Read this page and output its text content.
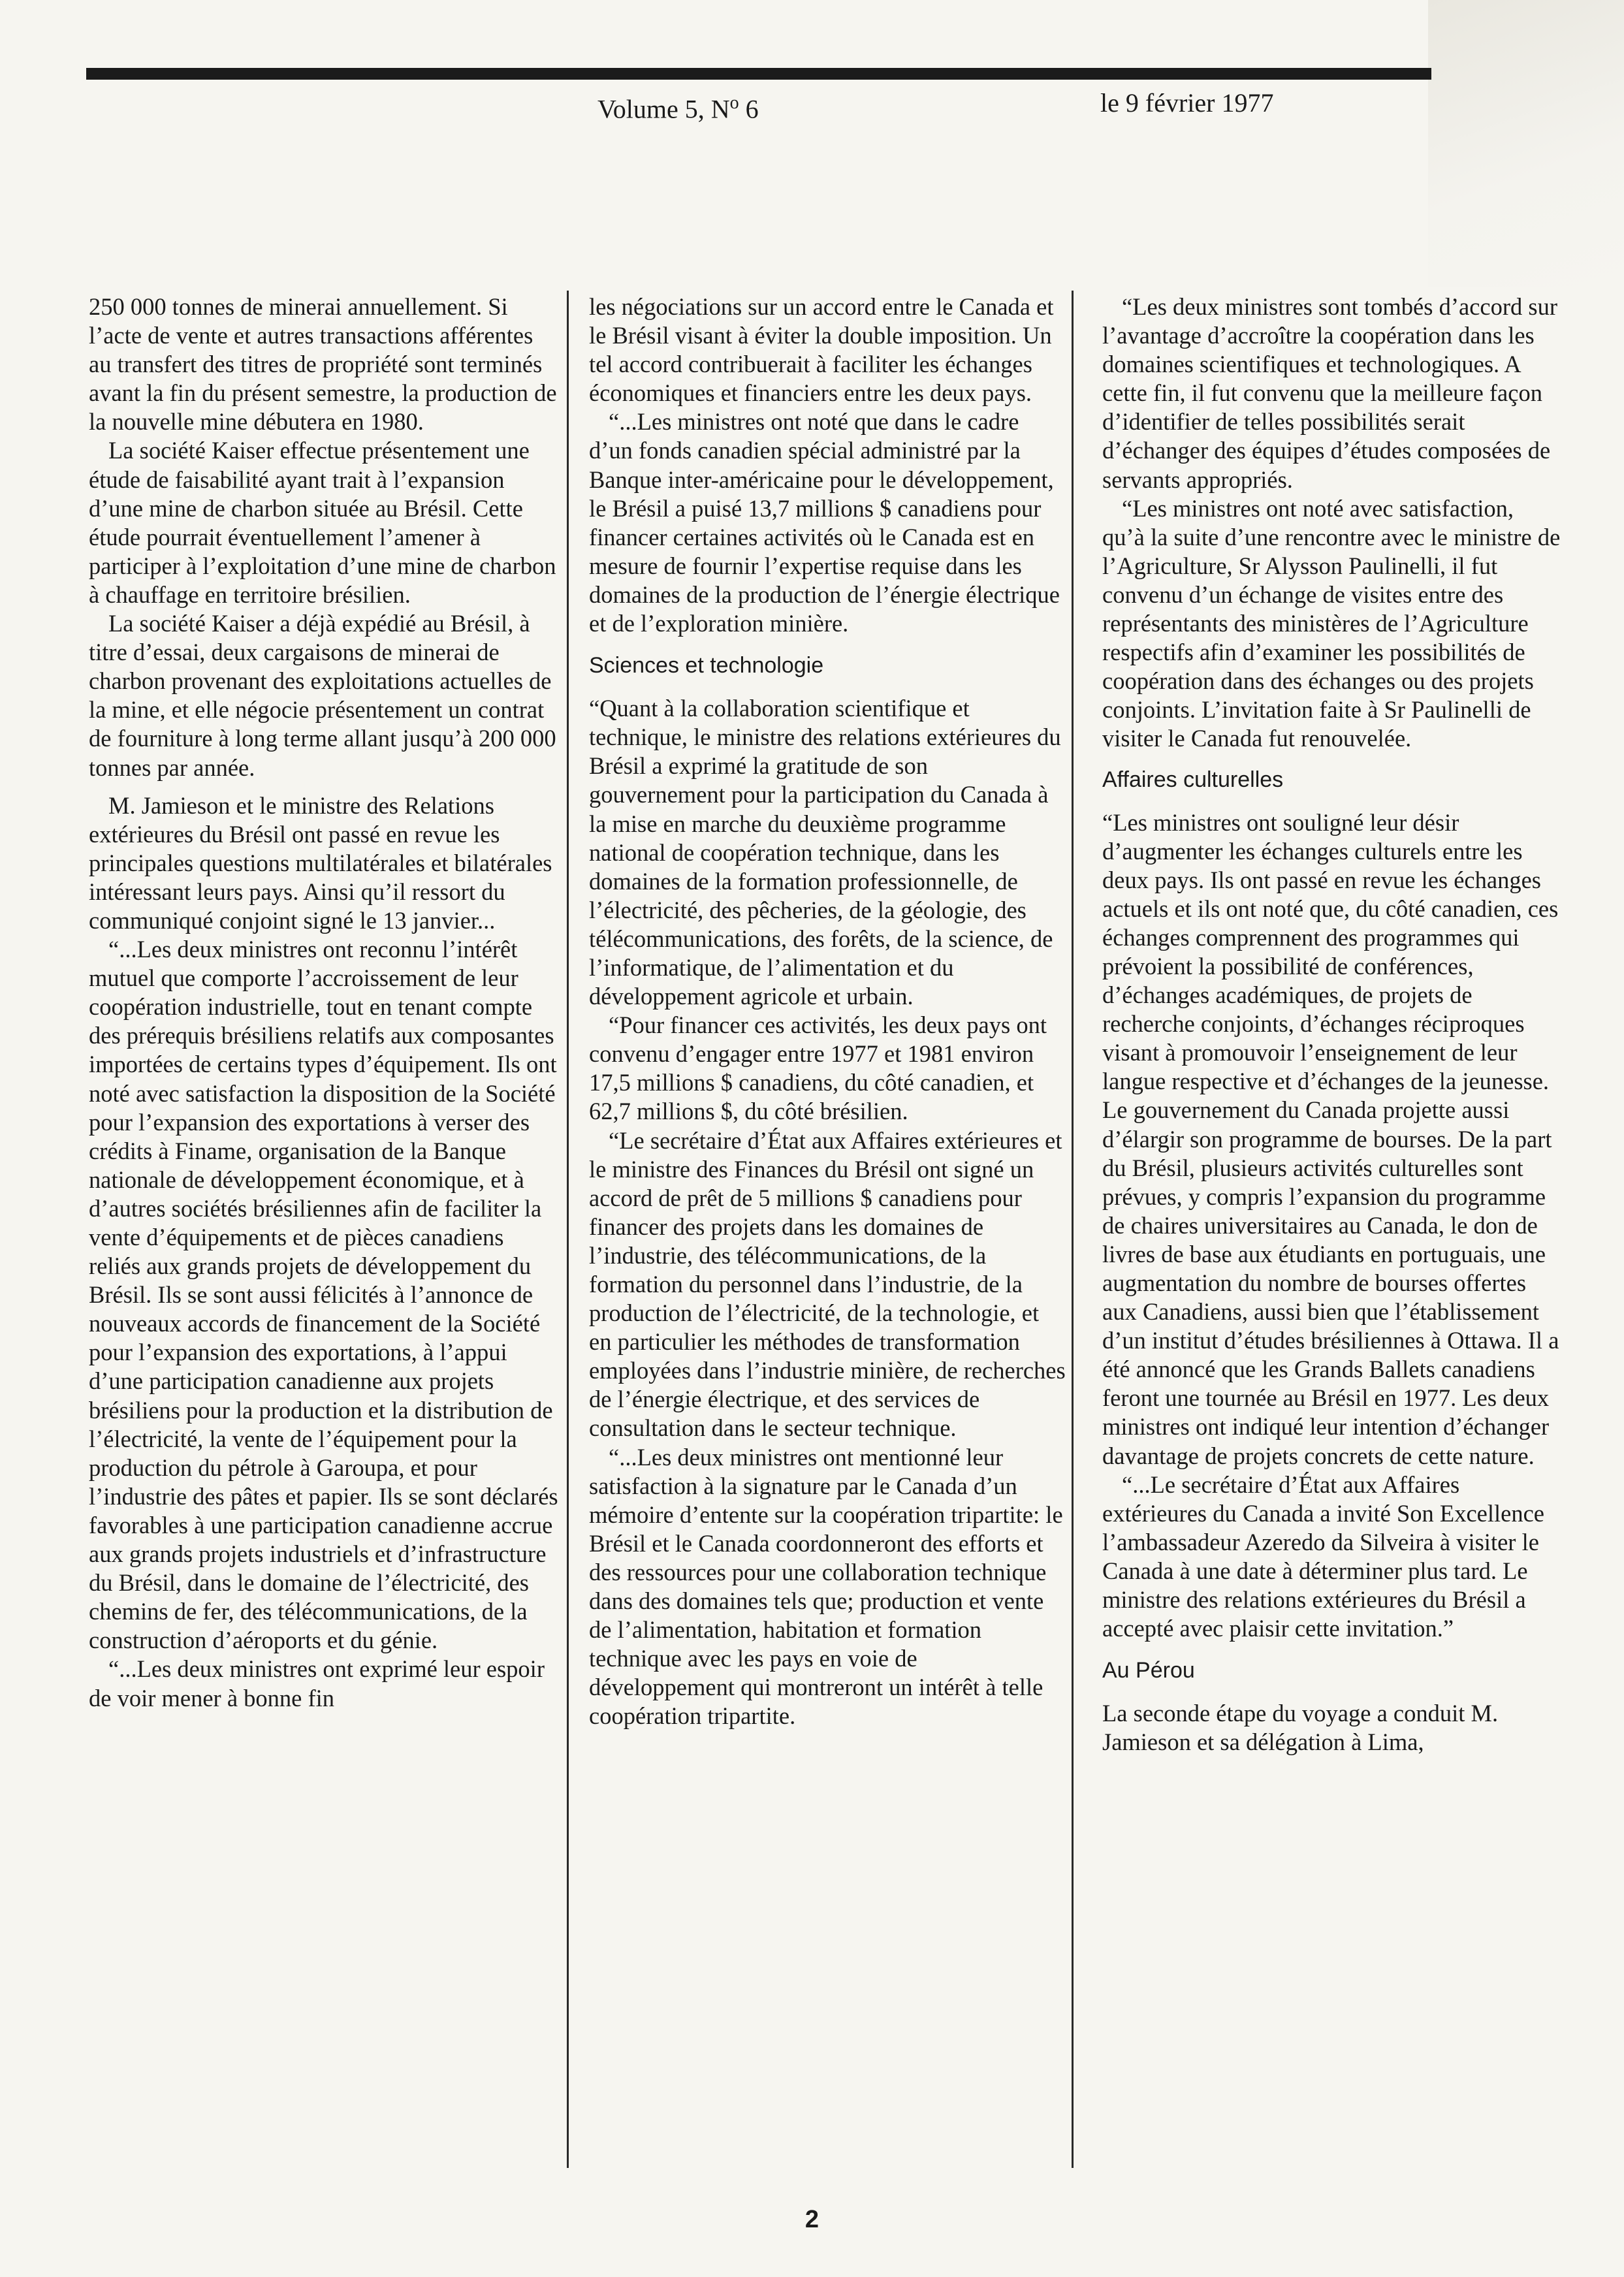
Volume 5, $N^o$ 6	le 9 février 1977

250 000 tonnes de minerai annuellement. Si l’acte de vente et autres transactions afférentes au transfert des titres de propriété sont terminés avant la fin du présent semestre, la production de la nouvelle mine débutera en 1980.

La société Kaiser effectue présentement une étude de faisabilité ayant trait à l’expansion d’une mine de charbon située au Brésil. Cette étude pourrait éventuellement l’amener à participer à l’exploitation d’une mine de charbon à chauffage en territoire brésilien.

La société Kaiser a déjà expédié au Brésil, à titre d’essai, deux cargaisons de minerai de charbon provenant des exploitations actuelles de la mine, et elle négocie présentement un contrat de fourniture à long terme allant jusqu’à 200 000 tonnes par année.

M. Jamieson et le ministre des Relations extérieures du Brésil ont passé en revue les principales questions multilatérales et bilatérales intéressant leurs pays. Ainsi qu’il ressort du communiqué conjoint signé le 13 janvier...

“...Les deux ministres ont reconnu l’intérêt mutuel que comporte l’accroissement de leur coopération industrielle, tout en tenant compte des prérequis brésiliens relatifs aux composantes importées de certains types d’équipement. Ils ont noté avec satisfaction la disposition de la Société pour l’expansion des exportations à verser des crédits à Finame, organisation de la Banque nationale de développement économique, et à d’autres sociétés brésiliennes afin de faciliter la vente d’équipements et de pièces canadiens reliés aux grands projets de développement du Brésil. Ils se sont aussi félicités à l’annonce de nouveaux accords de financement de la Société pour l’expansion des exportations, à l’appui d’une participation canadienne aux projets brésiliens pour la production et la distribution de l’électricité, la vente de l’équipement pour la production du pétrole à Garoupa, et pour l’industrie des pâtes et papier. Ils se sont déclarés favorables à une participation canadienne accrue aux grands projets industriels et d’infrastructure du Brésil, dans le domaine de l’électricité, des chemins de fer, des télécommunications, de la construction d’aéroports et du génie.

“...Les deux ministres ont exprimé leur espoir de voir mener à bonne fin

les négociations sur un accord entre le Canada et le Brésil visant à éviter la double imposition. Un tel accord contribuerait à faciliter les échanges économiques et financiers entre les deux pays.

“...Les ministres ont noté que dans le cadre d’un fonds canadien spécial administré par la Banque inter-américaine pour le développement, le Brésil a puisé 13,7 millions $ canadiens pour financer certaines activités où le Canada est en mesure de fournir l’expertise requise dans les domaines de la production de l’énergie électrique et de l’exploration minière.

Sciences et technologie

“Quant à la collaboration scientifique et technique, le ministre des relations extérieures du Brésil a exprimé la gratitude de son gouvernement pour la participation du Canada à la mise en marche du deuxième programme national de coopération technique, dans les domaines de la formation professionnelle, de l’électricité, des pêcheries, de la géologie, des télécommunications, des forêts, de la science, de l’informatique, de l’alimentation et du développement agricole et urbain.

“Pour financer ces activités, les deux pays ont convenu d’engager entre 1977 et 1981 environ 17,5 millions $ canadiens, du côté canadien, et 62,7 millions $, du côté brésilien.

“Le secrétaire d’État aux Affaires extérieures et le ministre des Finances du Brésil ont signé un accord de prêt de 5 millions $ canadiens pour financer des projets dans les domaines de l’industrie, des télécommunications, de la formation du personnel dans l’industrie, de la production de l’électricité, de la technologie, et en particulier les méthodes de transformation employées dans l’industrie minière, de recherches de l’énergie électrique, et des services de consultation dans le secteur technique.

“...Les deux ministres ont mentionné leur satisfaction à la signature par le Canada d’un mémoire d’entente sur la coopération tripartite: le Brésil et le Canada coordonneront des efforts et des ressources pour une collaboration technique dans des domaines tels que; production et vente de l’alimentation, habitation et formation technique avec les pays en voie de développement qui montreront un intérêt à telle coopération tripartite.

“Les deux ministres sont tombés d’accord sur l’avantage d’accroître la coopération dans les domaines scientifiques et technologiques. A cette fin, il fut convenu que la meilleure façon d’identifier de telles possibilités serait d’échanger des équipes d’études composées de servants appropriés.

“Les ministres ont noté avec satisfaction, qu’à la suite d’une rencontre avec le ministre de l’Agriculture, Sr Alysson Paulinelli, il fut convenu d’un échange de visites entre des représentants des ministères de l’Agriculture respectifs afin d’examiner les possibilités de coopération dans des échanges ou des projets conjoints. L’invitation faite à Sr Paulinelli de visiter le Canada fut renouvelée.

Affaires culturelles

“Les ministres ont souligné leur désir d’augmenter les échanges culturels entre les deux pays. Ils ont passé en revue les échanges actuels et ils ont noté que, du côté canadien, ces échanges comprennent des programmes qui prévoient la possibilité de conférences, d’échanges académiques, de projets de recherche conjoints, d’échanges réciproques visant à promouvoir l’enseignement de leur langue respective et d’échanges de la jeunesse. Le gouvernement du Canada projette aussi d’élargir son programme de bourses. De la part du Brésil, plusieurs activités culturelles sont prévues, y compris l’expansion du programme de chaires universitaires au Canada, le don de livres de base aux étudiants en portuguais, une augmentation du nombre de bourses offertes aux Canadiens, aussi bien que l’établissement d’un institut d’études brésiliennes à Ottawa. Il a été annoncé que les Grands Ballets canadiens feront une tournée au Brésil en 1977. Les deux ministres ont indiqué leur intention d’échanger davantage de projets concrets de cette nature.

“...Le secrétaire d’État aux Affaires extérieures du Canada a invité Son Excellence l’ambassadeur Azeredo da Silveira à visiter le Canada à une date à déterminer plus tard. Le ministre des relations extérieures du Brésil a accepté avec plaisir cette invitation.”

Au Pérou

La seconde étape du voyage a conduit M. Jamieson et sa délégation à Lima,

2
